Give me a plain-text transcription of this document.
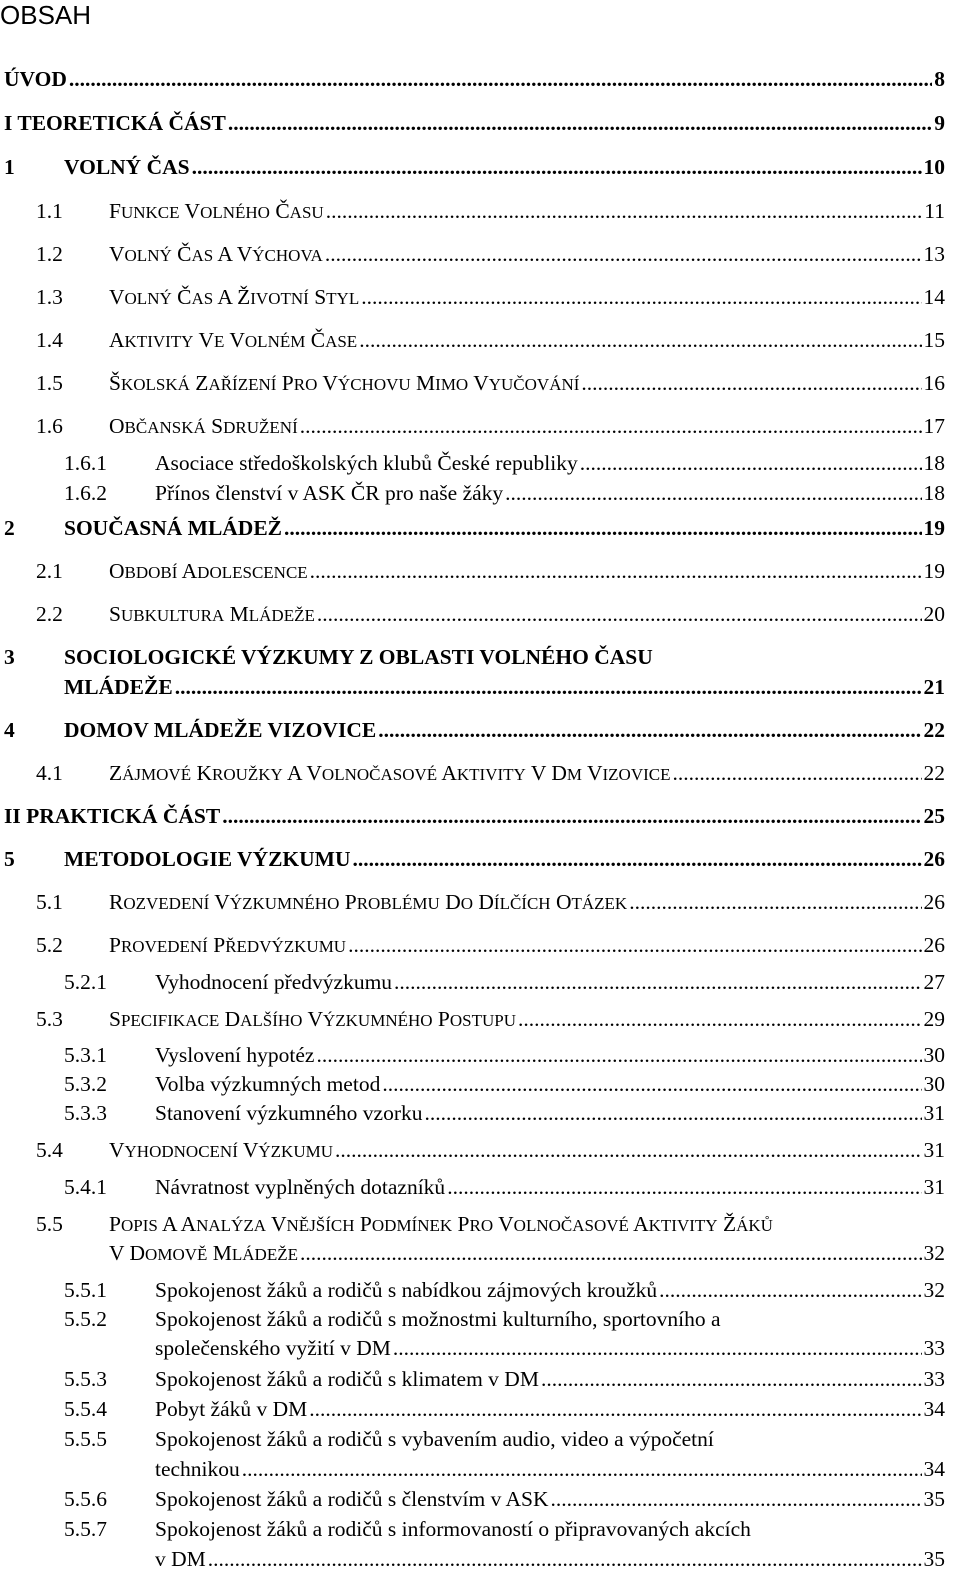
OBSAH
ÚVOD .....	8
I TEORETICKÁ ČÁST .....	9
1 VOLNÝ ČAS .....	10
1.1 FUNKCE VOLNÉHO ČASU .....	11
1.2 VOLNÝ ČAS A VÝCHOVA .....	13
1.3 VOLNÝ ČAS A ŽIVOTNÍ STYL .....	14
1.4 AKTIVITY VE VOLNÉM ČASE .....	15
1.5 ŠKOLSKÁ ZAŘÍZENÍ PRO VÝCHOVU MIMO VYUČOVÁNÍ .....	16
1.6 OBČANSKÁ SDRUŽENÍ .....	17
1.6.1 Asociace středoškolských klubů České republiky .....	18
1.6.2 Přínos členství v ASK ČR pro naše žáky .....	18
2 SOUČASNÁ MLÁDEŽ .....	19
2.1 OBDOBÍ ADOLESCENCE .....	19
2.2 SUBKULTURA MLÁDEŽE .....	20
3 SOCIOLOGICKÉ VÝZKUMY Z OBLASTI VOLNÉHO ČASU
MLÁDEŽE .....	21
4 DOMOV MLÁDEŽE VIZOVICE .....	22
4.1 ZÁJMOVÉ KROUŽKY A VOLNOČASOVÉ AKTIVITY V DM VIZOVICE .....	22
II PRAKTICKÁ ČÁST .....	25
5 METODOLOGIE VÝZKUMU .....	26
5.1 ROZVEDENÍ VÝZKUMNÉHO PROBLÉMU DO DÍLČÍCH OTÁZEK .....	26
5.2 PROVEDENÍ PŘEDVÝZKUMU .....	26
5.2.1 Vyhodnocení předvýzkumu .....	27
5.3 SPECIFIKACE DALŠÍHO VÝZKUMNÉHO POSTUPU .....	29
5.3.1 Vyslovení hypotéz .....	30
5.3.2 Volba výzkumných metod .....	30
5.3.3 Stanovení výzkumného vzorku .....	31
5.4 VYHODNOCENÍ VÝZKUMU .....	31
5.4.1 Návratnost vyplněných dotazníků .....	31
5.5 POPIS A ANALÝZA VNĚJŠÍCH PODMÍNEK PRO VOLNOČASOVÉ AKTIVITY ŽÁKŮ
V DOMOVĚ MLÁDEŽE .....	32
5.5.1 Spokojenost žáků a rodičů s nabídkou zájmových kroužků .....	32
5.5.2 Spokojenost žáků a rodičů s možnostmi kulturního, sportovního a
společenského vyžití v DM .....	33
5.5.3 Spokojenost žáků a rodičů s klimatem v DM .....	33
5.5.4 Pobyt žáků v DM .....	34
5.5.5 Spokojenost žáků a rodičů s vybavením audio, video a výpočetní
technikou .....	34
5.5.6 Spokojenost žáků a rodičů s členstvím v ASK .....	35
5.5.7 Spokojenost žáků a rodičů s informovaností o připravovaných akcích
v DM .....	35
